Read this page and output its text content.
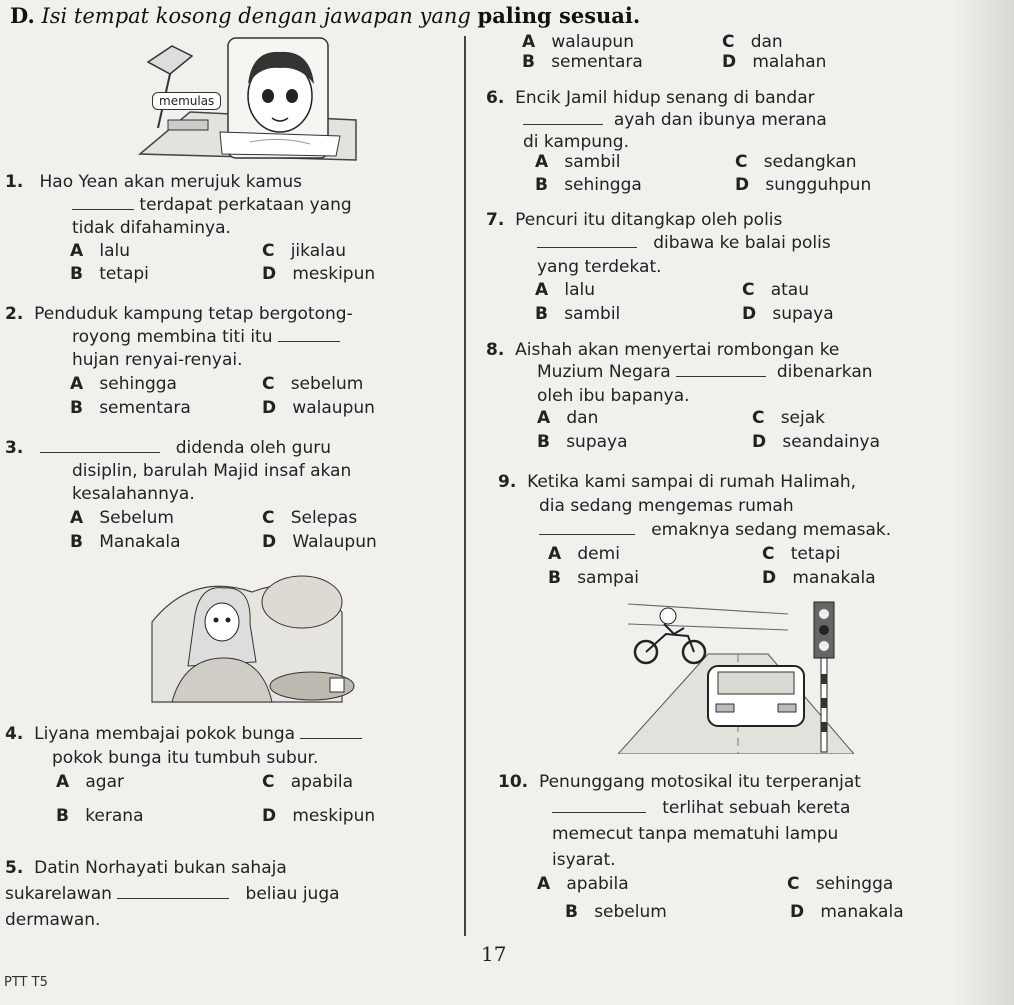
D. Isi tempat kosong dengan jawapan yang paling sesuai.
memulas
1. Hao Yean akan merujuk kamus
terdapat perkataan yang
tidak difahaminya.
A lalu	C jikalau
B tetapi	D meskipun
2. Penduduk kampung tetap bergotong-
royong membina titi itu
hujan renyai-renyai.
A sehingga	C sebelum
B sementara	D walaupun
3.	didenda oleh guru
disiplin, barulah Majid insaf akan
kesalahannya.
A Sebelum	C Selepas
B Manakala	D Walaupun
4. Liyana membajai pokok bunga
pokok bunga itu tumbuh subur.
A agar	C apabila
B kerana	D meskipun
5. Datin Norhayati bukan sahaja
sukarelawan	beliau juga
dermawan.
A walaupun	C dan
B sementara	D malahan
6. Encik Jamil hidup senang di bandar
ayah dan ibunya merana
di kampung.
A sambil	C sedangkan
B sehingga	D sungguhpun
7. Pencuri itu ditangkap oleh polis
dibawa ke balai polis
yang terdekat.
A lalu	C atau
B sambil	D supaya
8. Aishah akan menyertai rombongan ke
Muzium Negara	dibenarkan
oleh ibu bapanya.
A dan	C sejak
B supaya	D seandainya
9. Ketika kami sampai di rumah Halimah,
dia sedang mengemas rumah
emaknya sedang memasak.
A demi	C tetapi
B sampai	D manakala
10. Penunggang motosikal itu terperanjat
terlihat sebuah kereta
memecut tanpa mematuhi lampu
isyarat.
A apabila	C sehingga
B sebelum	D manakala
17
PTT T5
